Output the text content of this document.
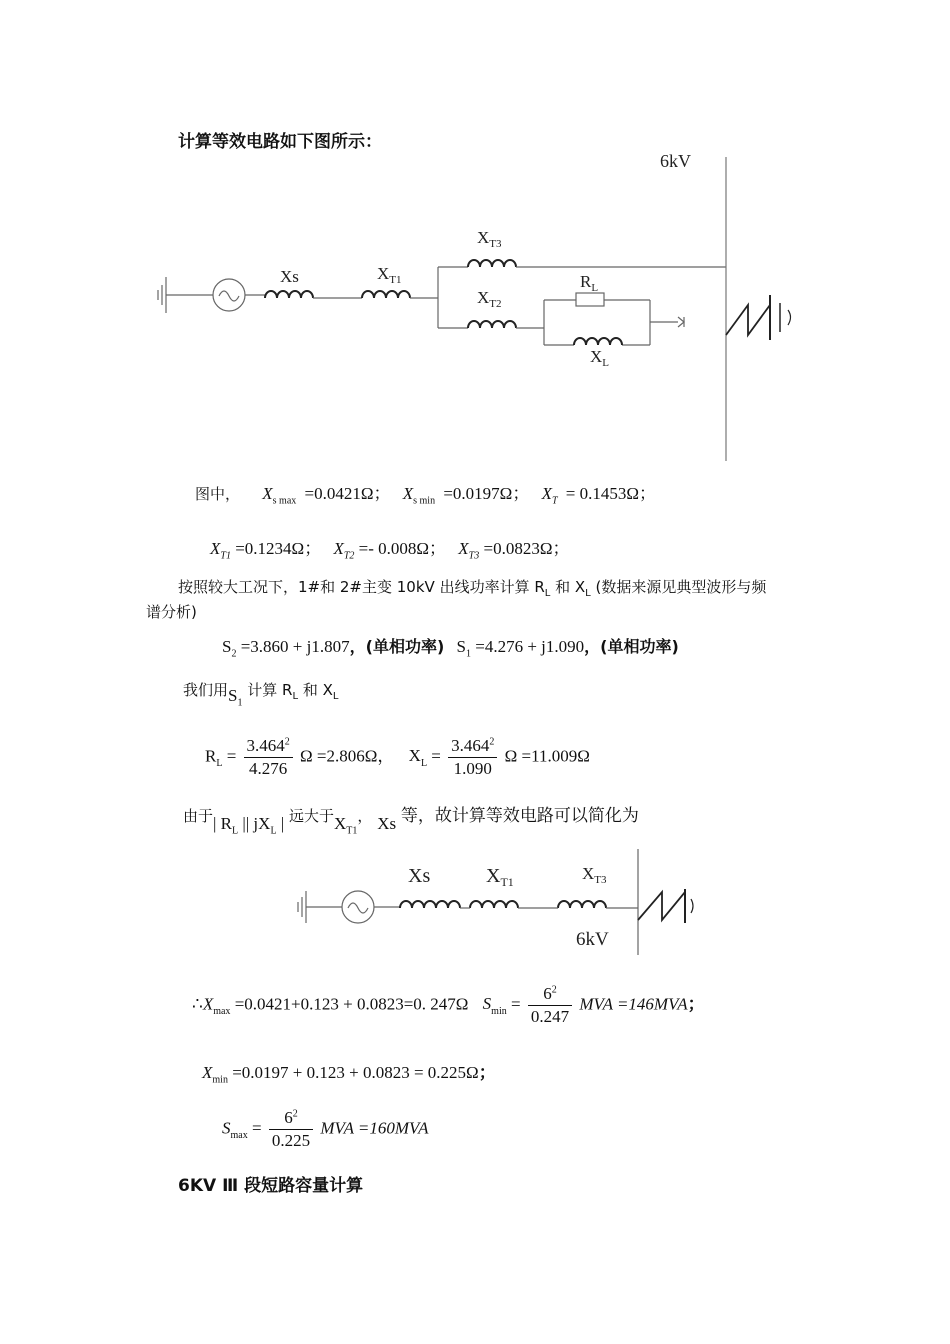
计算等效电路如下图所示：
6kV
Xs	$X_{T1}$
$X_{T3}$
$X_{T2}$
$R_L$
$X_L$
图中， $X_{s max} =0.0421\Omega$； $X_{s min} =0.0197\Omega$； $X_T = 0.1453\Omega$；
$X_{T1} =0.1234\Omega$； $X_{T2} =- 0.008\Omega$； $X_{T3} =0.0823\Omega$；
按照较大工况下，1#和 2#主变 10kV 出线功率计算 $R_L$ 和 $X_L$ (数据来源见典型波形与频
谱分析)
$S_2 =3.860 + j1.807$，(单相功率) $S_1 =4.276 + j1.090$，(单相功率)
我们用$S_1$ 计算 $R_L$ 和 $X_L$
$R_L = \frac{3.464^2}{4.276}$ Ω =2.806Ω， $X_L = \frac{3.464^2}{1.090}$ Ω =11.009Ω
由于| $R_L$ || $jX_L$ | 远大于$X_{T1}$， Xs 等，故计算等效电路可以简化为
Xs	$X_{T1}$	$X_{T3}$
6kV
$\therefore X_{max} =0.0421+0.123 + 0.0823=0$. 247Ω $S_{min} = \frac{6^2}{0.247}$ MVA =146MVA；
$X_{min} =0.0197 + 0.123 + 0.0823 = 0.225\Omega$；
$S_{max} = \frac{6^2}{0.225}$ MVA =160MVA
6KV Ⅲ 段短路容量计算
